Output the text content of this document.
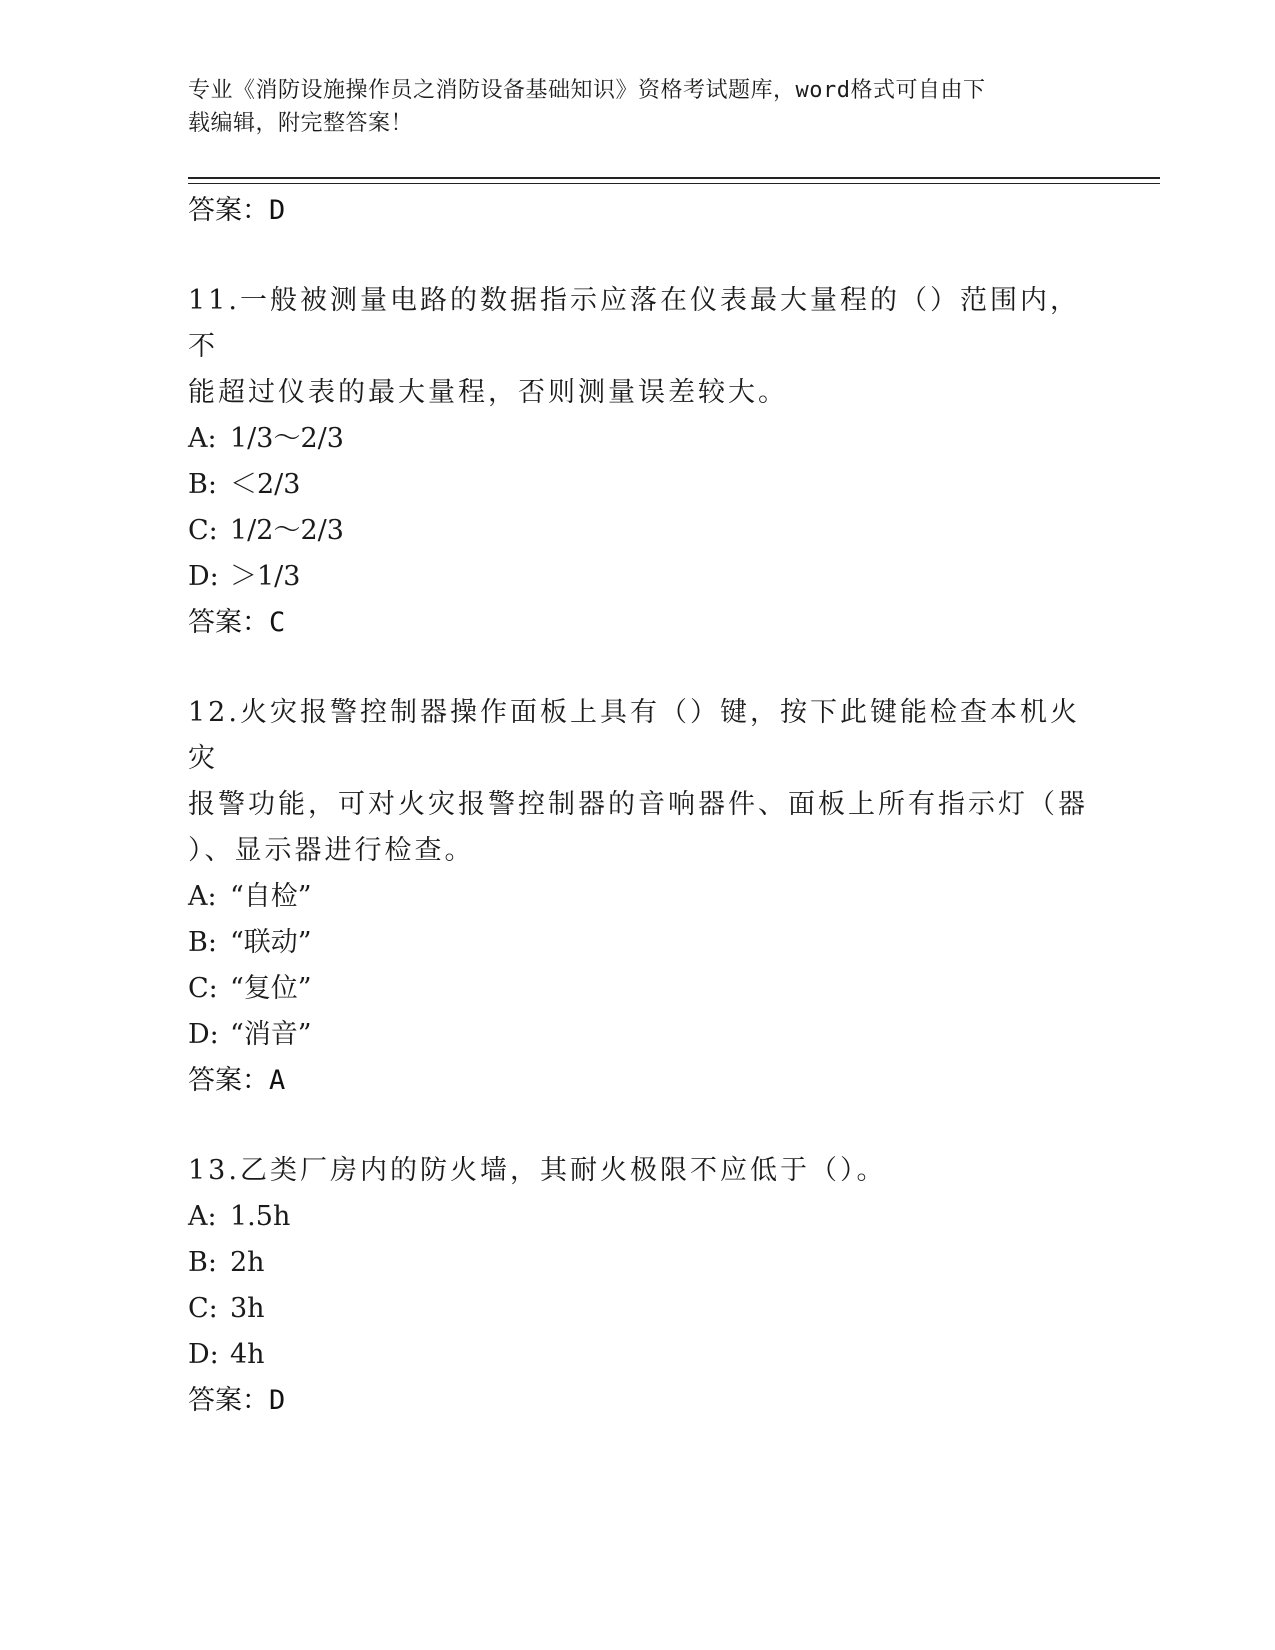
专业《消防设施操作员之消防设备基础知识》资格考试题库，word格式可自由下
载编辑，附完整答案！
答案：D
11.一般被测量电路的数据指示应落在仪表最大量程的（）范围内，不
能超过仪表的最大量程，否则测量误差较大。
A: 1/3～2/3
B: ＜2/3
C: 1/2～2/3
D: ＞1/3
答案：C
12.火灾报警控制器操作面板上具有（）键，按下此键能检查本机火灾
报警功能，可对火灾报警控制器的音响器件、面板上所有指示灯（器
）、显示器进行检查。
A: “自检”
B: “联动”
C: “复位”
D: “消音”
答案：A
13.乙类厂房内的防火墙，其耐火极限不应低于（）。
A: 1.5h
B: 2h
C: 3h
D: 4h
答案：D
